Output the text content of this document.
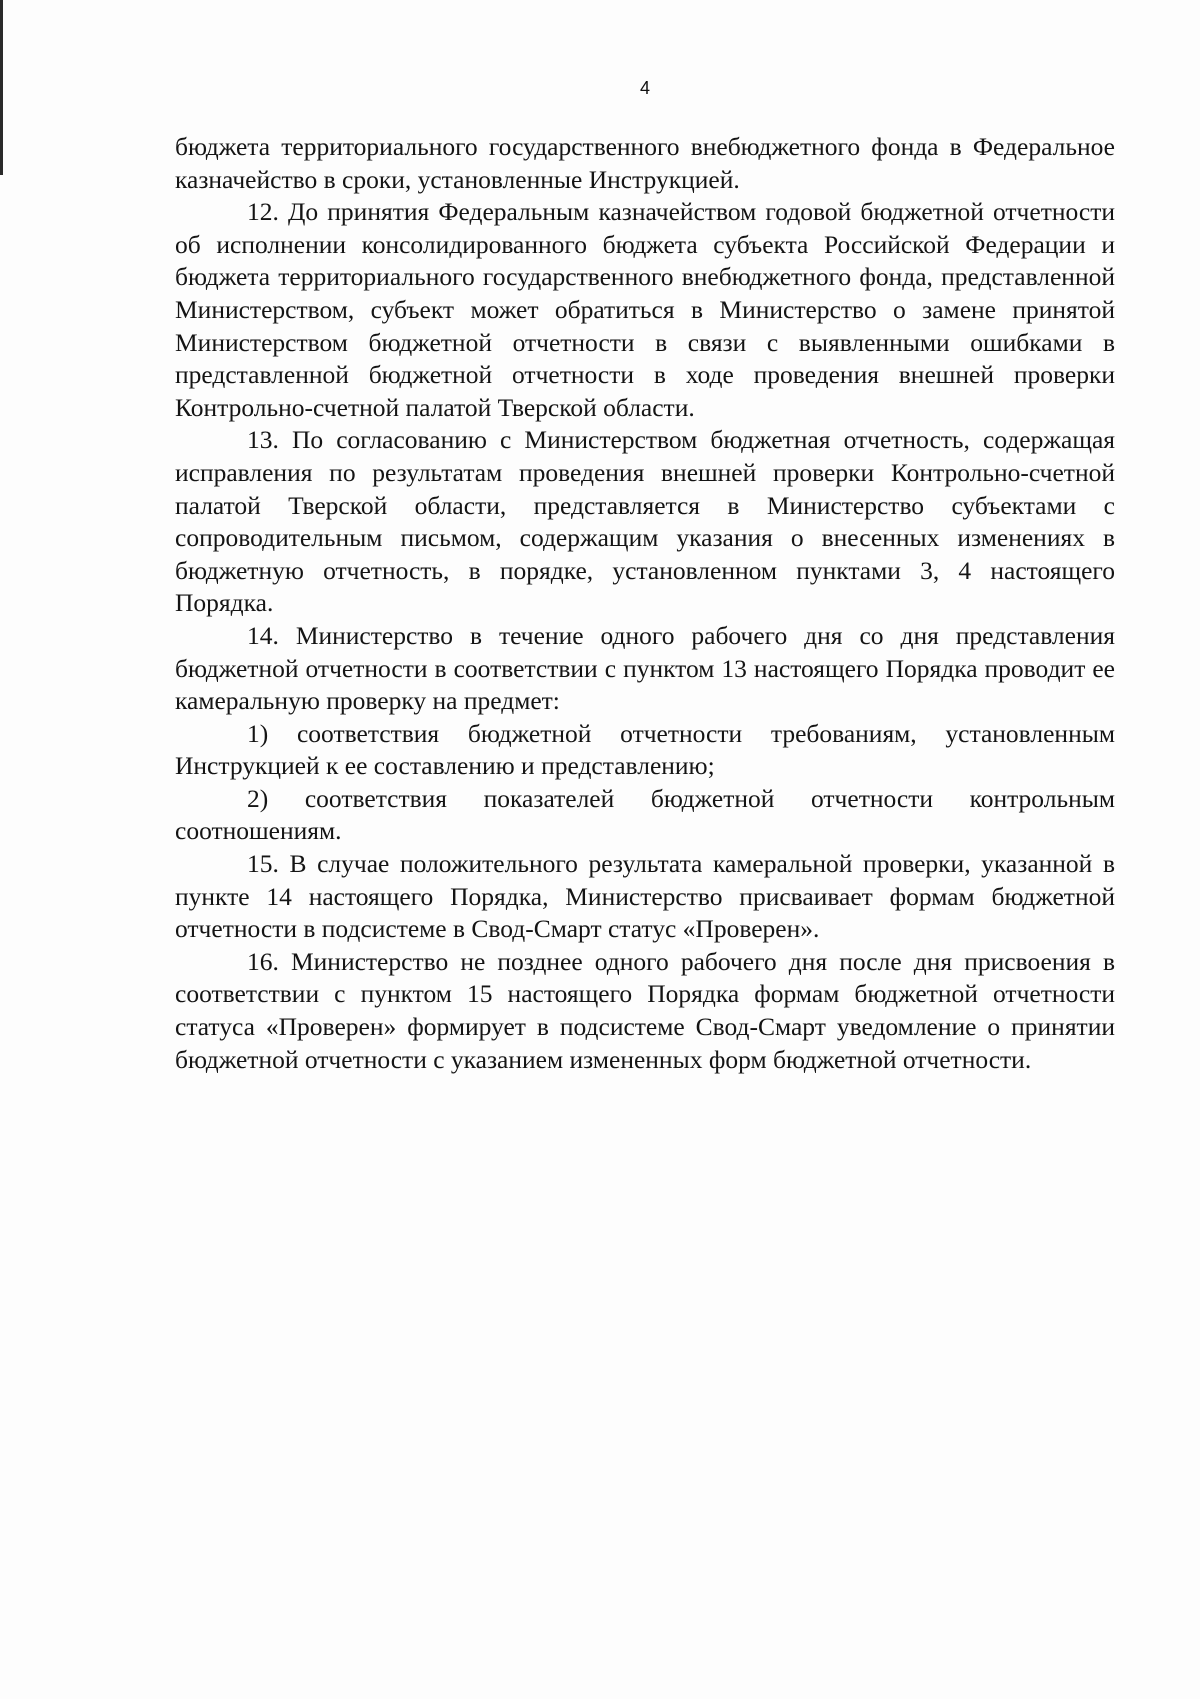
4

бюджета территориального государственного внебюджетного фонда в Федеральное казначейство в сроки, установленные Инструкцией.

12. До принятия Федеральным казначейством годовой бюджетной отчетности об исполнении консолидированного бюджета субъекта Российской Федерации и бюджета территориального государственного внебюджетного фонда, представленной Министерством, субъект может обратиться в Министерство о замене принятой Министерством бюджетной отчетности в связи с выявленными ошибками в представленной бюджетной отчетности в ходе проведения внешней проверки Контрольно-счетной палатой Тверской области.

13. По согласованию с Министерством бюджетная отчетность, содержащая исправления по результатам проведения внешней проверки Контрольно-счетной палатой Тверской области, представляется в Министерство субъектами с сопроводительным письмом, содержащим указания о внесенных изменениях в бюджетную отчетность, в порядке, установленном пунктами 3, 4 настоящего Порядка.

14. Министерство в течение одного рабочего дня со дня представления бюджетной отчетности в соответствии с пунктом 13 настоящего Порядка проводит ее камеральную проверку на предмет:

1) соответствия бюджетной отчетности требованиям, установленным Инструкцией к ее составлению и представлению;

2) соответствия показателей бюджетной отчетности контрольным соотношениям.

15. В случае положительного результата камеральной проверки, указанной в пункте 14 настоящего Порядка, Министерство присваивает формам бюджетной отчетности в подсистеме в Свод-Смарт статус «Проверен».

16. Министерство не позднее одного рабочего дня после дня присвоения в соответствии с пунктом 15 настоящего Порядка формам бюджетной отчетности статуса «Проверен» формирует в подсистеме Свод-Смарт уведомление о принятии бюджетной отчетности с указанием измененных форм бюджетной отчетности.
